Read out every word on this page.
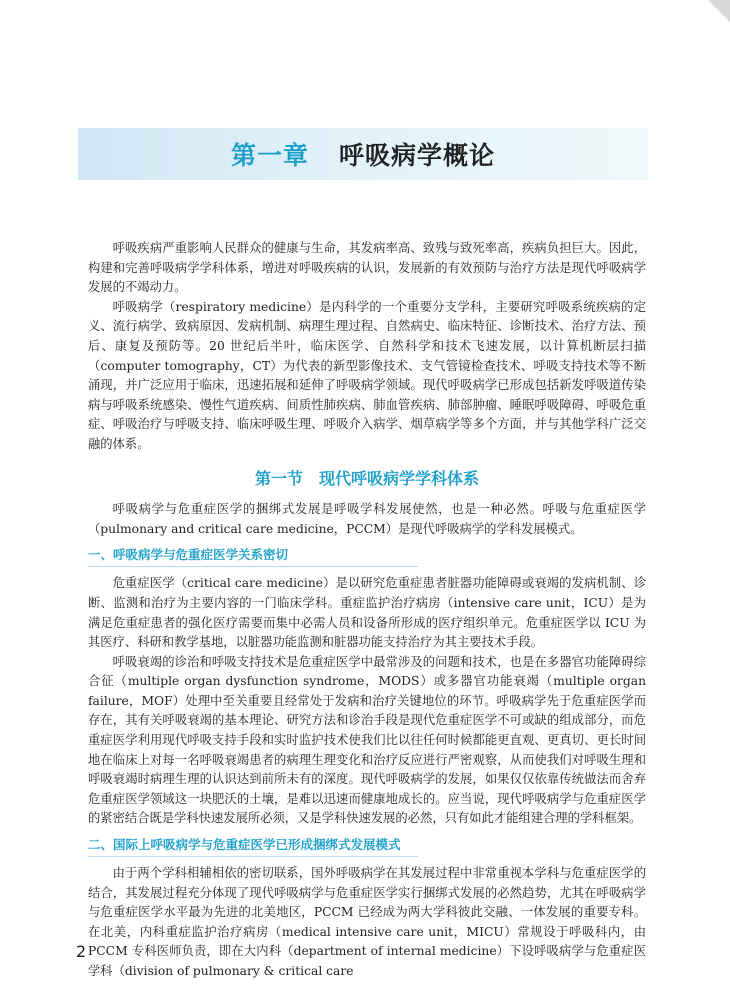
第一章 呼吸病学概论

呼吸疾病严重影响人民群众的健康与生命，其发病率高、致残与致死率高，疾病负担巨大。因此，构建和完善呼吸病学学科体系，增进对呼吸疾病的认识，发展新的有效预防与治疗方法是现代呼吸病学发展的不竭动力。

呼吸病学（respiratory medicine）是内科学的一个重要分支学科，主要研究呼吸系统疾病的定义、流行病学、致病原因、发病机制、病理生理过程、自然病史、临床特征、诊断技术、治疗方法、预后、康复及预防等。20 世纪后半叶，临床医学、自然科学和技术飞速发展，以计算机断层扫描（computer tomography，CT）为代表的新型影像技术、支气管镜检查技术、呼吸支持技术等不断涌现，并广泛应用于临床，迅速拓展和延伸了呼吸病学领域。现代呼吸病学已形成包括新发呼吸道传染病与呼吸系统感染、慢性气道疾病、间质性肺疾病、肺血管疾病、肺部肿瘤、睡眠呼吸障碍、呼吸危重症、呼吸治疗与呼吸支持、临床呼吸生理、呼吸介入病学、烟草病学等多个方面，并与其他学科广泛交融的体系。

第一节 现代呼吸病学学科体系

呼吸病学与危重症医学的捆绑式发展是呼吸学科发展使然，也是一种必然。呼吸与危重症医学（pulmonary and critical care medicine，PCCM）是现代呼吸病学的学科发展模式。

一、呼吸病学与危重症医学关系密切

危重症医学（critical care medicine）是以研究危重症患者脏器功能障碍或衰竭的发病机制、诊断、监测和治疗为主要内容的一门临床学科。重症监护治疗病房（intensive care unit，ICU）是为满足危重症患者的强化医疗需要而集中必需人员和设备所形成的医疗组织单元。危重症医学以 ICU 为其医疗、科研和教学基地，以脏器功能监测和脏器功能支持治疗为其主要技术手段。

呼吸衰竭的诊治和呼吸支持技术是危重症医学中最常涉及的问题和技术，也是在多器官功能障碍综合征（multiple organ dysfunction syndrome，MODS）或多器官功能衰竭（multiple organ failure，MOF）处理中至关重要且经常处于发病和治疗关键地位的环节。呼吸病学先于危重症医学而存在，其有关呼吸衰竭的基本理论、研究方法和诊治手段是现代危重症医学不可或缺的组成部分，而危重症医学利用现代呼吸支持手段和实时监护技术使我们比以往任何时候都能更直观、更真切、更长时间地在临床上对每一名呼吸衰竭患者的病理生理变化和治疗反应进行严密观察，从而使我们对呼吸生理和呼吸衰竭时病理生理的认识达到前所未有的深度。现代呼吸病学的发展，如果仅仅依靠传统做法而舍弃危重症医学领域这一块肥沃的土壤，是难以迅速而健康地成长的。应当说，现代呼吸病学与危重症医学的紧密结合既是学科快速发展所必须，又是学科快速发展的必然，只有如此才能组建合理的学科框架。

二、国际上呼吸病学与危重症医学已形成捆绑式发展模式

由于两个学科相辅相依的密切联系，国外呼吸病学在其发展过程中非常重视本学科与危重症医学的结合，其发展过程充分体现了现代呼吸病学与危重症医学实行捆绑式发展的必然趋势，尤其在呼吸病学与危重症医学水平最为先进的北美地区，PCCM 已经成为两大学科彼此交融、一体发展的重要专科。在北美，内科重症监护治疗病房（medical intensive care unit，MICU）常规设于呼吸科内，由 PCCM 专科医师负责，即在大内科（department of internal medicine）下设呼吸病学与危重症医学科（division of pulmonary & critical care

2
